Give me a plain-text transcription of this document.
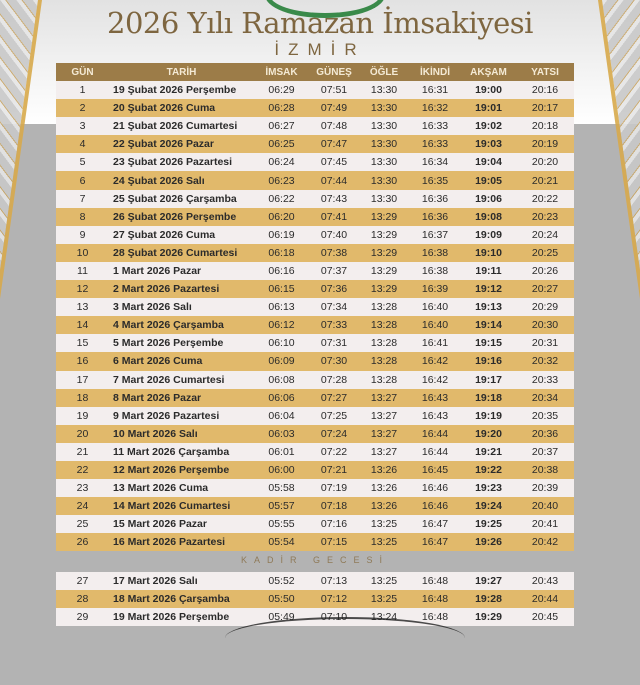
2026 Yılı Ramazan İmsakiyesi
İZMİR
GÜN	TARİH	İMSAK	GÜNEŞ	ÖĞLE	İKİNDİ	AKŞAM	YATSI
1	19 Şubat 2026 Perşembe	06:29	07:51	13:30	16:31	19:00	20:16
2	20 Şubat 2026 Cuma	06:28	07:49	13:30	16:32	19:01	20:17
3	21 Şubat 2026 Cumartesi	06:27	07:48	13:30	16:33	19:02	20:18
4	22 Şubat 2026 Pazar	06:25	07:47	13:30	16:33	19:03	20:19
5	23 Şubat 2026 Pazartesi	06:24	07:45	13:30	16:34	19:04	20:20
6	24 Şubat 2026 Salı	06:23	07:44	13:30	16:35	19:05	20:21
7	25 Şubat 2026 Çarşamba	06:22	07:43	13:30	16:36	19:06	20:22
8	26 Şubat 2026 Perşembe	06:20	07:41	13:29	16:36	19:08	20:23
9	27 Şubat 2026 Cuma	06:19	07:40	13:29	16:37	19:09	20:24
10	28 Şubat 2026 Cumartesi	06:18	07:38	13:29	16:38	19:10	20:25
11	1 Mart 2026 Pazar	06:16	07:37	13:29	16:38	19:11	20:26
12	2 Mart 2026 Pazartesi	06:15	07:36	13:29	16:39	19:12	20:27
13	3 Mart 2026 Salı	06:13	07:34	13:28	16:40	19:13	20:29
14	4 Mart 2026 Çarşamba	06:12	07:33	13:28	16:40	19:14	20:30
15	5 Mart 2026 Perşembe	06:10	07:31	13:28	16:41	19:15	20:31
16	6 Mart 2026 Cuma	06:09	07:30	13:28	16:42	19:16	20:32
17	7 Mart 2026 Cumartesi	06:08	07:28	13:28	16:42	19:17	20:33
18	8 Mart 2026 Pazar	06:06	07:27	13:27	16:43	19:18	20:34
19	9 Mart 2026 Pazartesi	06:04	07:25	13:27	16:43	19:19	20:35
20	10 Mart 2026 Salı	06:03	07:24	13:27	16:44	19:20	20:36
21	11 Mart 2026 Çarşamba	06:01	07:22	13:27	16:44	19:21	20:37
22	12 Mart 2026 Perşembe	06:00	07:21	13:26	16:45	19:22	20:38
23	13 Mart 2026 Cuma	05:58	07:19	13:26	16:46	19:23	20:39
24	14 Mart 2026 Cumartesi	05:57	07:18	13:26	16:46	19:24	20:40
25	15 Mart 2026 Pazar	05:55	07:16	13:25	16:47	19:25	20:41
26	16 Mart 2026 Pazartesi	05:54	07:15	13:25	16:47	19:26	20:42
KADİR GECESİ
27	17 Mart 2026 Salı	05:52	07:13	13:25	16:48	19:27	20:43
28	18 Mart 2026 Çarşamba	05:50	07:12	13:25	16:48	19:28	20:44
29	19 Mart 2026 Perşembe	05:49	07:10	13:24	16:48	19:29	20:45
